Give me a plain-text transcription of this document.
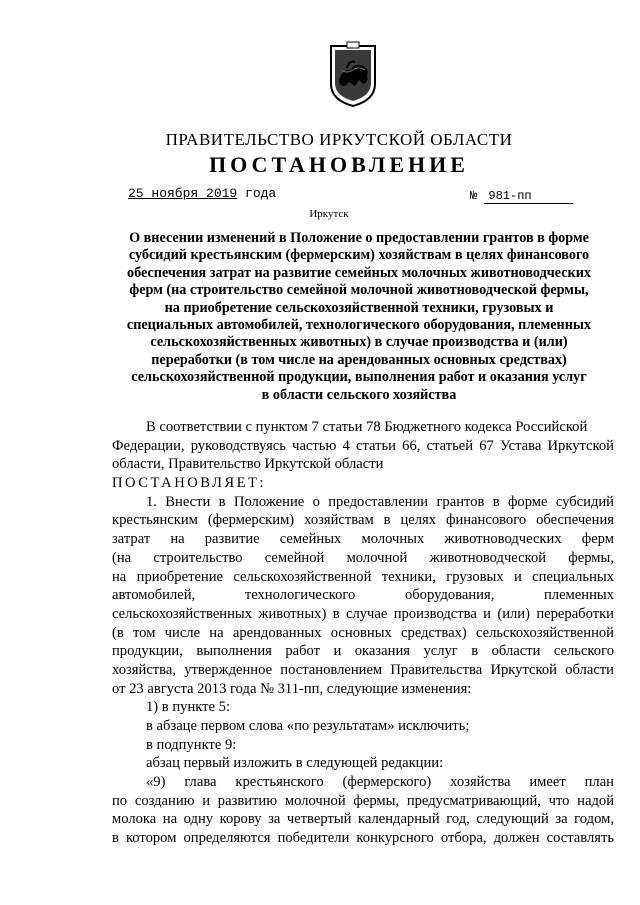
ПРАВИТЕЛЬСТВО ИРКУТСКОЙ ОБЛАСТИ
ПОСТАНОВЛЕНИЕ
25 ноября 2019 года	№ 981-пп
Иркутск
О внесении изменений в Положение о предоставлении грантов в форме
субсидий крестьянским (фермерским) хозяйствам в целях финансового
обеспечения затрат на развитие семейных молочных животноводческих
ферм (на строительство семейной молочной животноводческой фермы,
на приобретение сельскохозяйственной техники, грузовых и
специальных автомобилей, технологического оборудования, племенных
сельскохозяйственных животных) в случае производства и (или)
переработки (в том числе на арендованных основных средствах)
сельскохозяйственной продукции, выполнения работ и оказания услуг
в области сельского хозяйства
В соответствии с пунктом 7 статьи 78 Бюджетного кодекса Российской
Федерации, руководствуясь частью 4 статьи 66, статьей 67 Устава Иркутской
области, Правительство Иркутской области
ПОСТАНОВЛЯЕТ:
1. Внести в Положение о предоставлении грантов в форме субсидий
крестьянским (фермерским) хозяйствам в целях финансового обеспечения
затрат на развитие семейных молочных животноводческих ферм
(на строительство семейной молочной животноводческой фермы,
на приобретение сельскохозяйственной техники, грузовых и специальных
автомобилей, технологического оборудования, племенных
сельскохозяйственных животных) в случае производства и (или) переработки
(в том числе на арендованных основных средствах) сельскохозяйственной
продукции, выполнения работ и оказания услуг в области сельского
хозяйства, утвержденное постановлением Правительства Иркутской области
от 23 августа 2013 года № 311-пп, следующие изменения:
1) в пункте 5:
в абзаце первом слова «по результатам» исключить;
в подпункте 9:
абзац первый изложить в следующей редакции:
«9) глава крестьянского (фермерского) хозяйства имеет план
по созданию и развитию молочной фермы, предусматривающий, что надой
молока на одну корову за четвертый календарный год, следующий за годом,
в котором определяются победители конкурсного отбора, должен составлять
